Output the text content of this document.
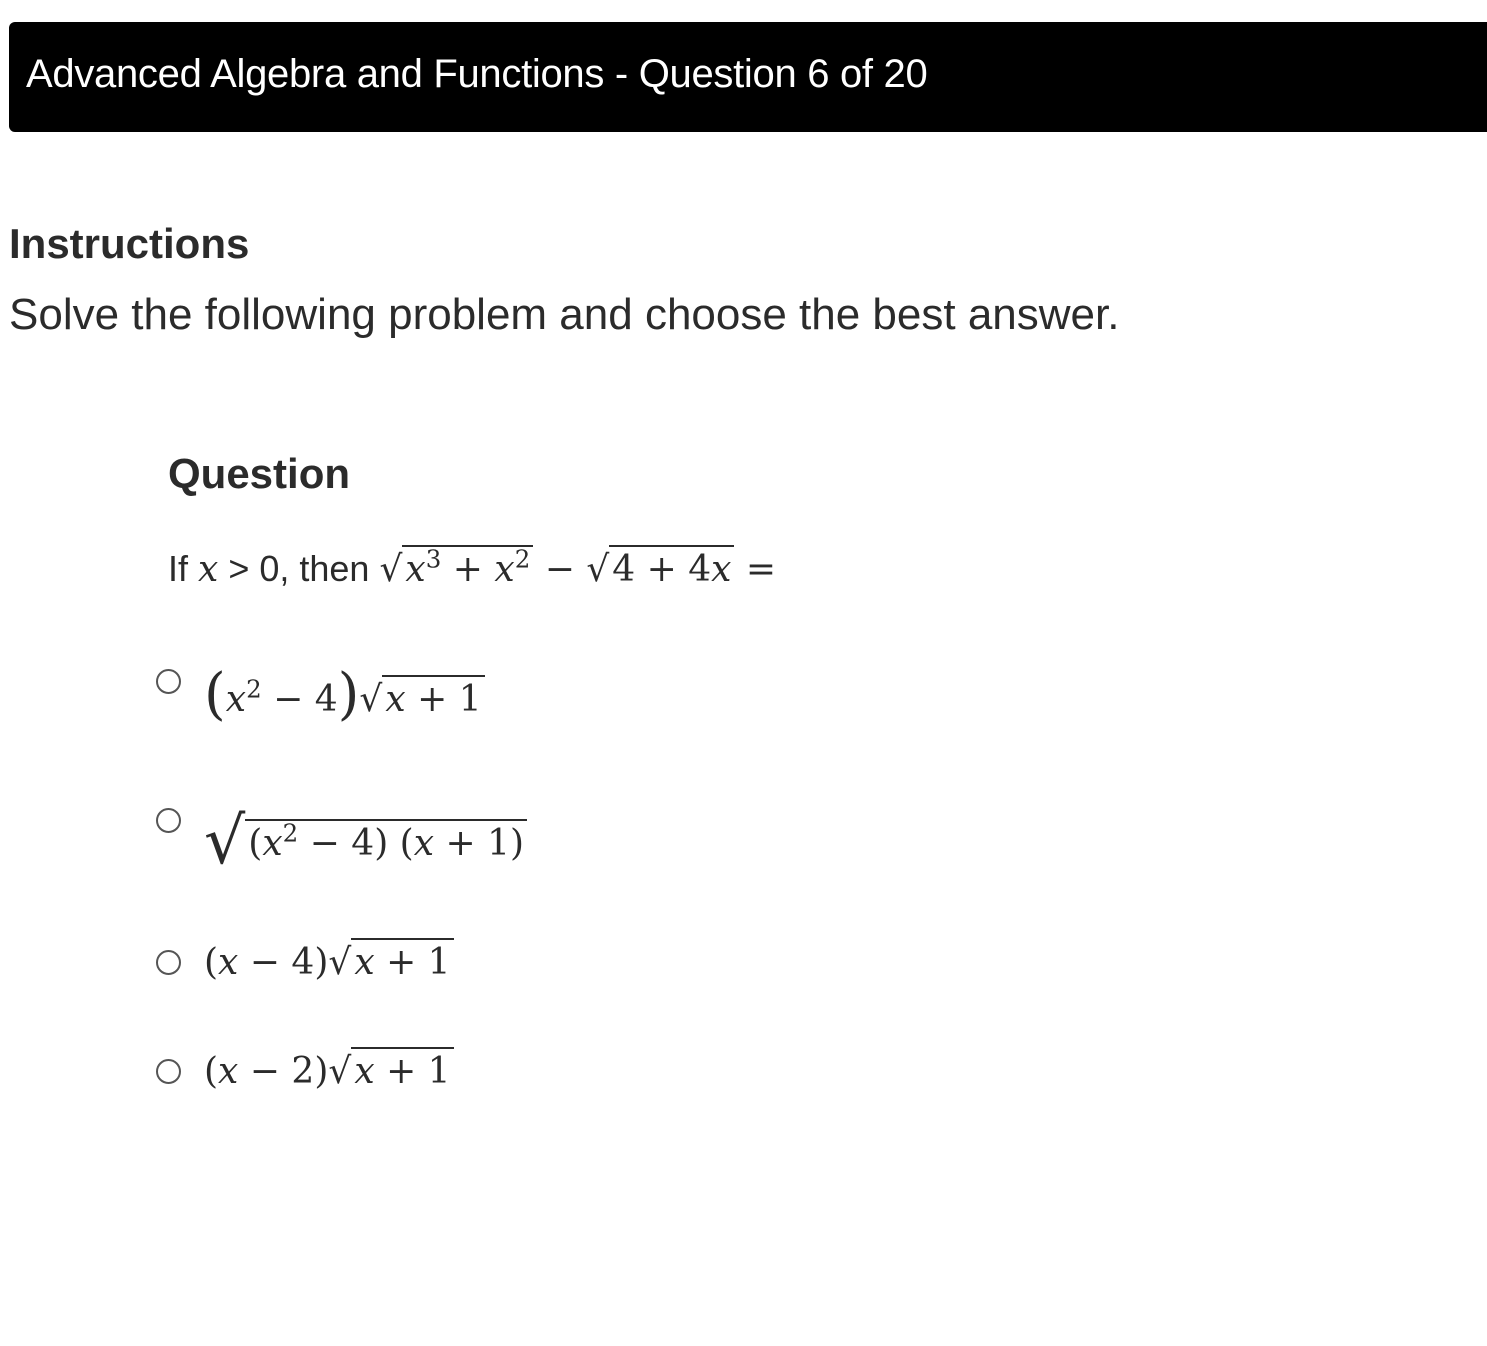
Advanced Algebra and Functions - Question 6 of 20
Instructions
Solve the following problem and choose the best answer.
Question
If x > 0, then $√x^3 + x^2 - √4 + 4x$ =
$(x^2 - 4)√x + 1$
$√(x^2 - 4) (x + 1)$
(x − 4)√x + 1
(x − 2)√x + 1
